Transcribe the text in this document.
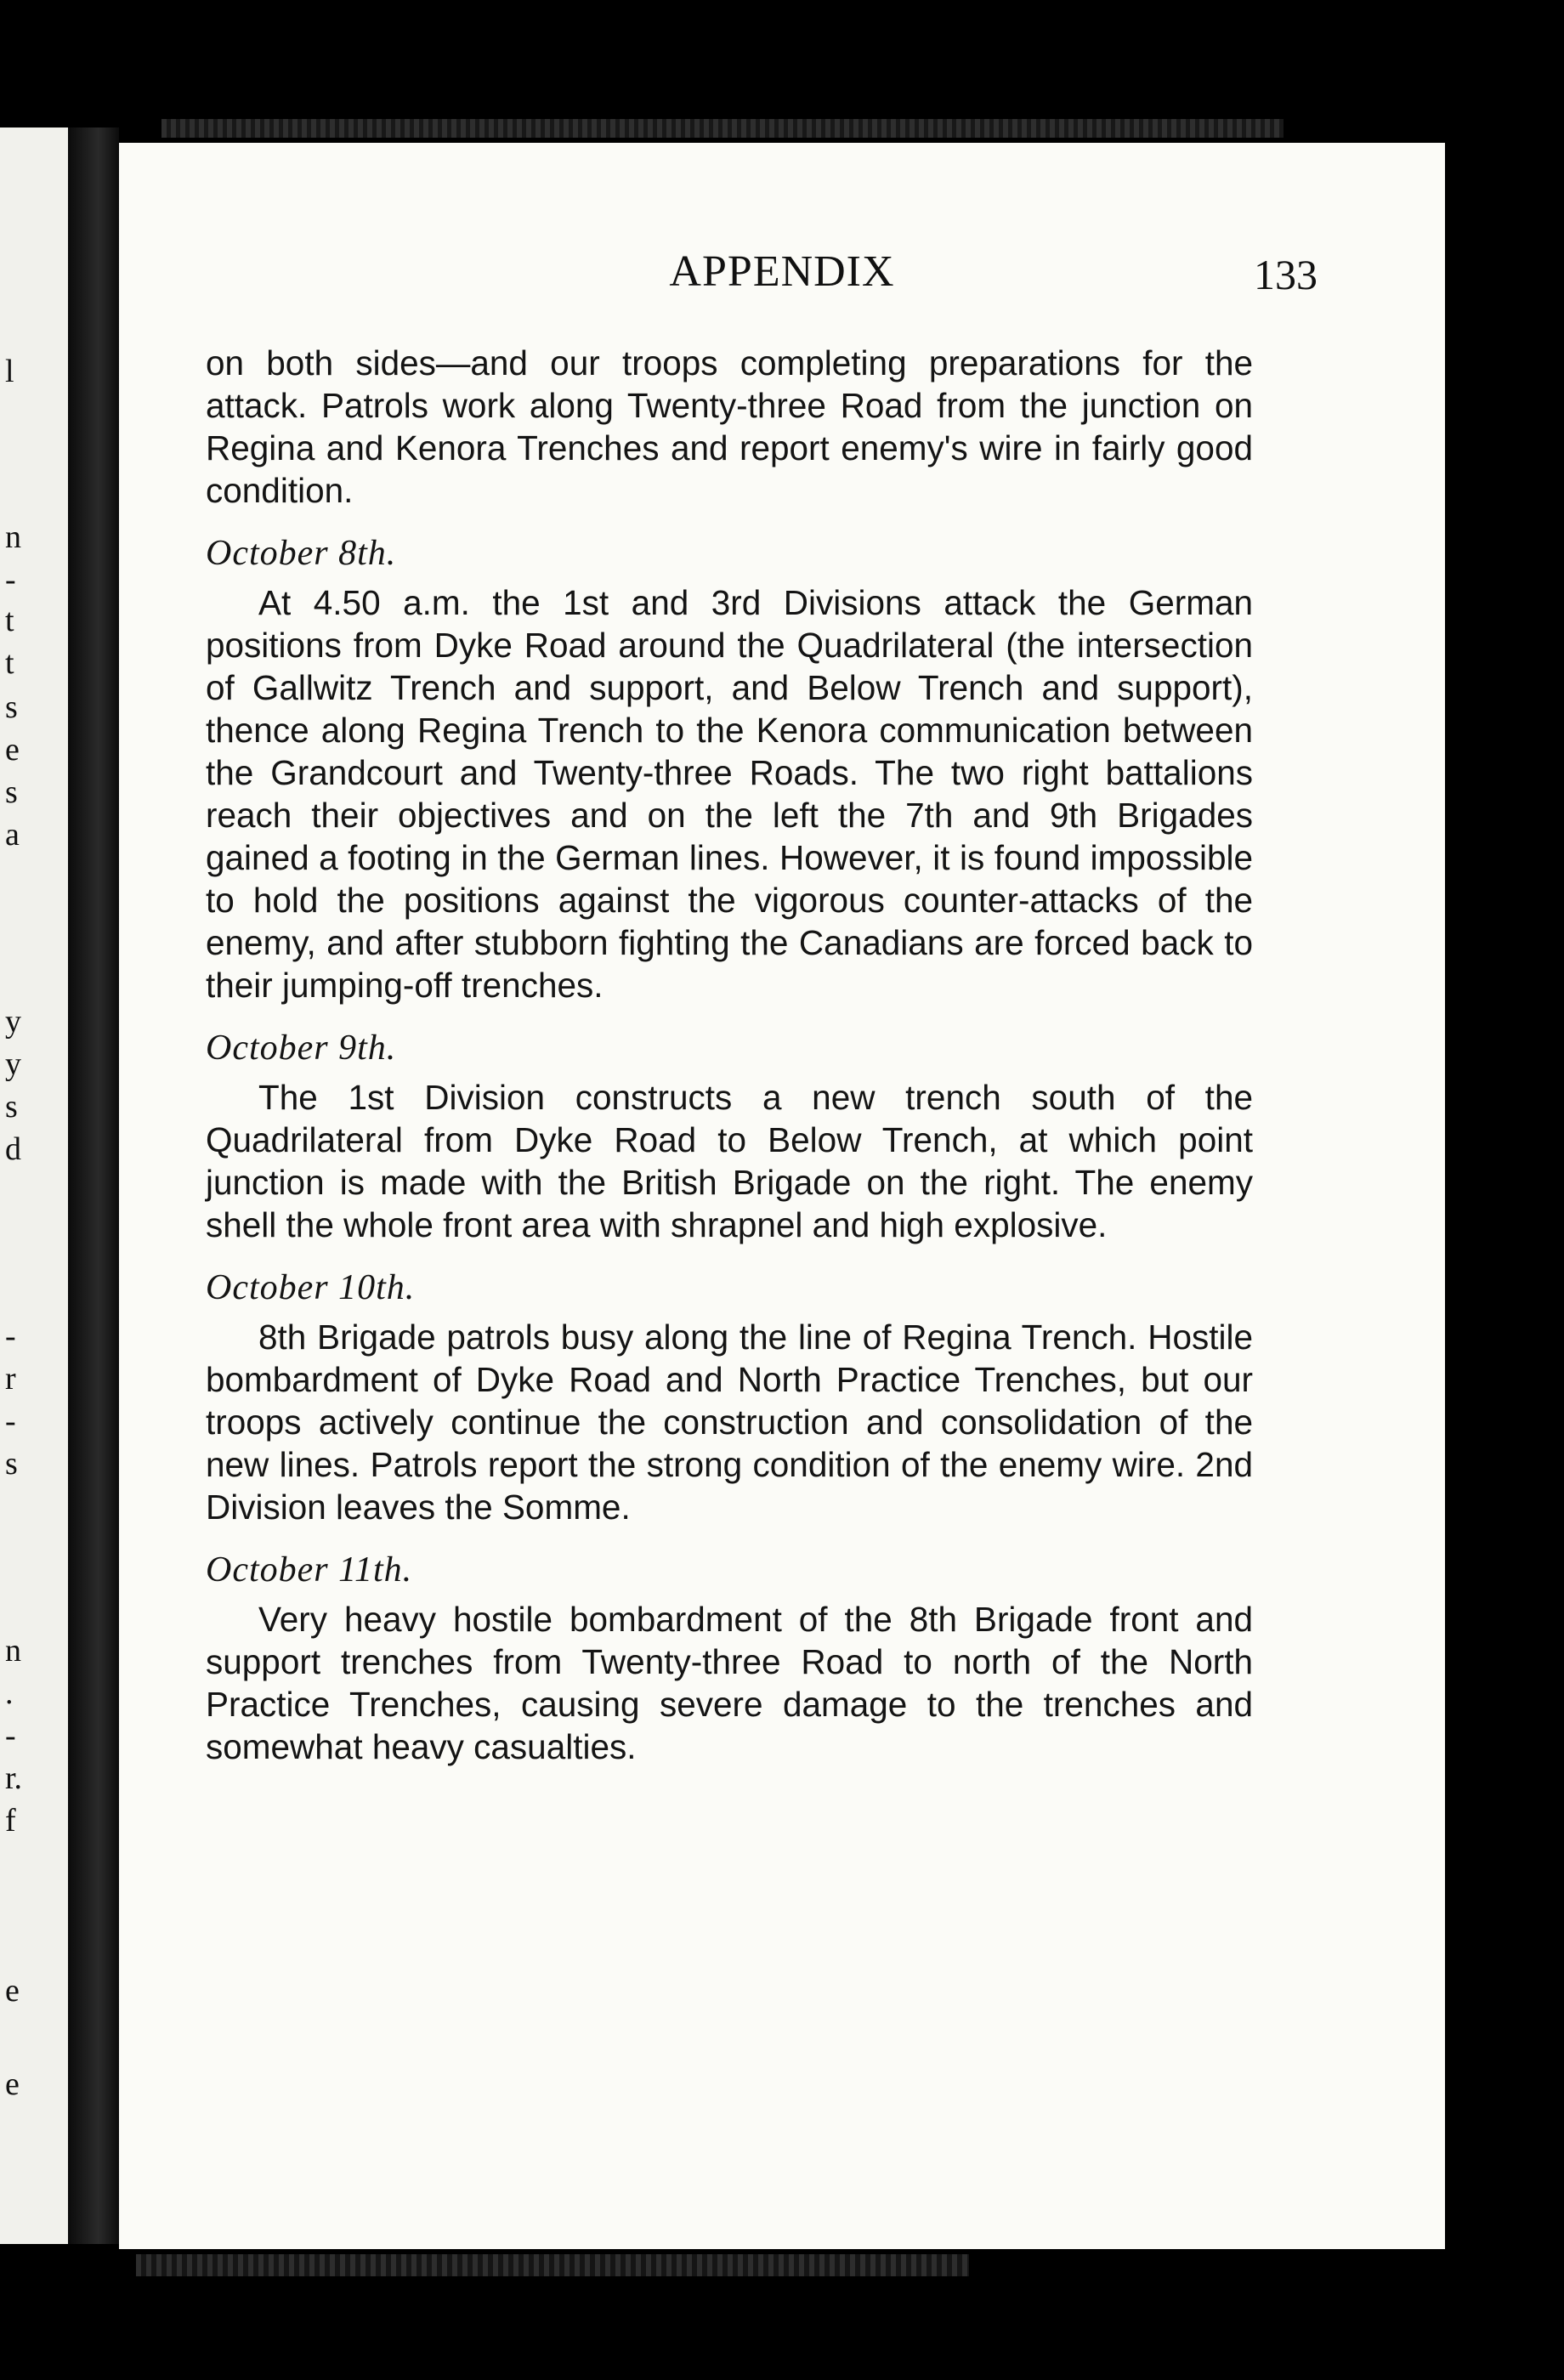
l
n
-
t
t
s
e
s
a
y
y
s
d
-
r
-
s
n
.
-
r.
f
e
e
APPENDIX	133

on both sides—and our troops completing preparations for the attack. Patrols work along Twenty-three Road from the junction on Regina and Kenora Trenches and report enemy's wire in fairly good condition.

October 8th.

At 4.50 a.m. the 1st and 3rd Divisions attack the German positions from Dyke Road around the Quadrilateral (the intersection of Gallwitz Trench and support, and Below Trench and support), thence along Regina Trench to the Kenora communication between the Grandcourt and Twenty-three Roads. The two right battalions reach their objectives and on the left the 7th and 9th Brigades gained a footing in the German lines. However, it is found impossible to hold the positions against the vigorous counter-attacks of the enemy, and after stubborn fighting the Canadians are forced back to their jumping-off trenches.

October 9th.

The 1st Division constructs a new trench south of the Quadrilateral from Dyke Road to Below Trench, at which point junction is made with the British Brigade on the right. The enemy shell the whole front area with shrapnel and high explosive.

October 10th.

8th Brigade patrols busy along the line of Regina Trench. Hostile bombardment of Dyke Road and North Practice Trenches, but our troops actively continue the construction and consolidation of the new lines. Patrols report the strong condition of the enemy wire. 2nd Division leaves the Somme.

October 11th.

Very heavy hostile bombardment of the 8th Brigade front and support trenches from Twenty-three Road to north of the North Practice Trenches, causing severe damage to the trenches and somewhat heavy casualties.
